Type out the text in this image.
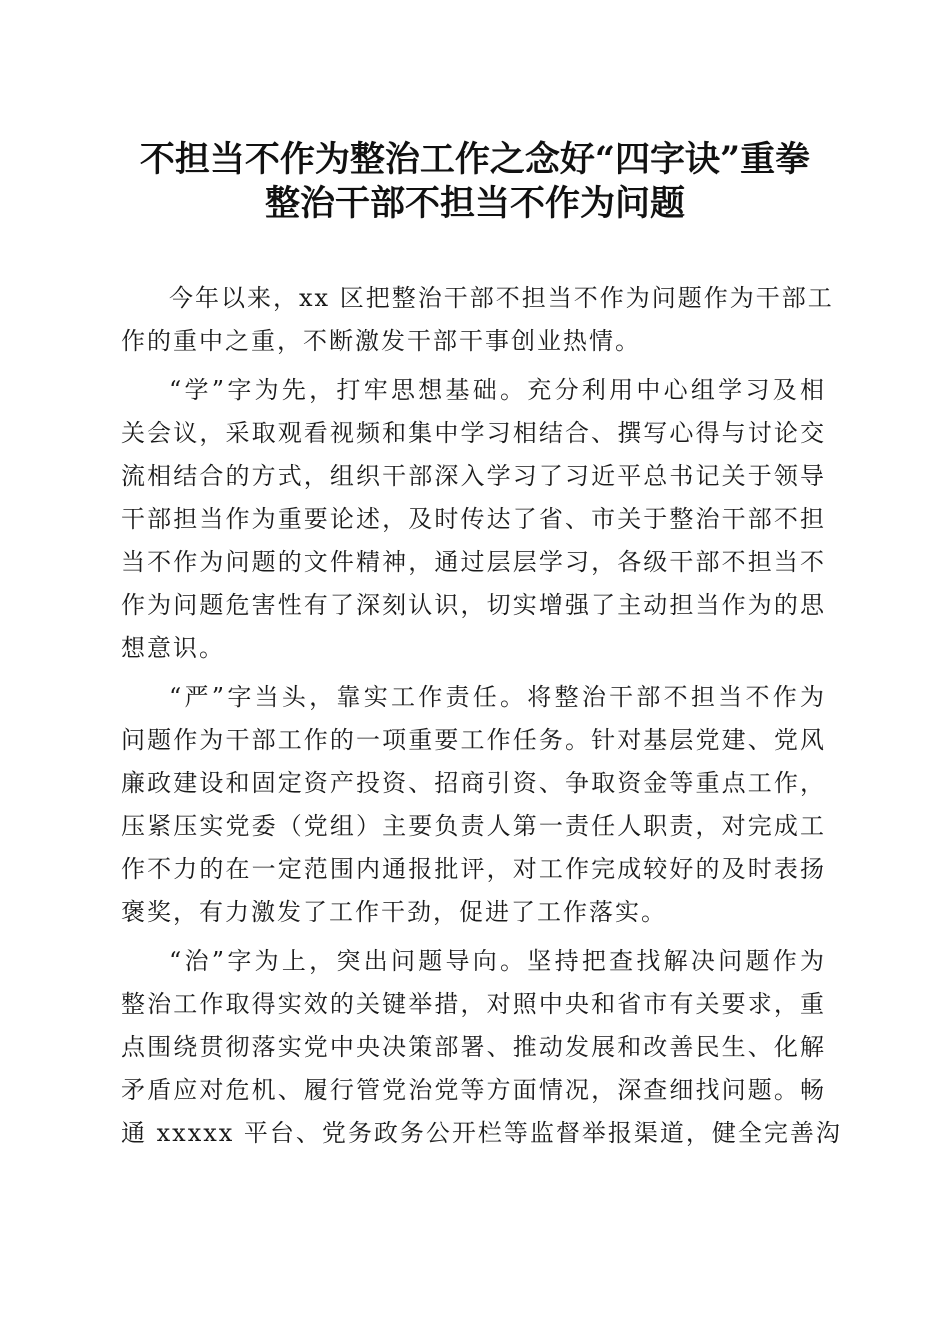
不担当不作为整治工作之念好“四字诀”重拳
整治干部不担当不作为问题
今年以来，xx 区把整治干部不担当不作为问题作为干部工
作的重中之重，不断激发干部干事创业热情。
“学”字为先，打牢思想基础。充分利用中心组学习及相
关会议，采取观看视频和集中学习相结合、撰写心得与讨论交
流相结合的方式，组织干部深入学习了习近平总书记关于领导
干部担当作为重要论述，及时传达了省、市关于整治干部不担
当不作为问题的文件精神，通过层层学习，各级干部不担当不
作为问题危害性有了深刻认识，切实增强了主动担当作为的思
想意识。
“严”字当头，靠实工作责任。将整治干部不担当不作为
问题作为干部工作的一项重要工作任务。针对基层党建、党风
廉政建设和固定资产投资、招商引资、争取资金等重点工作，
压紧压实党委（党组）主要负责人第一责任人职责，对完成工
作不力的在一定范围内通报批评，对工作完成较好的及时表扬
褒奖，有力激发了工作干劲，促进了工作落实。
“治”字为上，突出问题导向。坚持把查找解决问题作为
整治工作取得实效的关键举措，对照中央和省市有关要求，重
点围绕贯彻落实党中央决策部署、推动发展和改善民生、化解
矛盾应对危机、履行管党治党等方面情况，深查细找问题。畅
通 xxxxx 平台、党务政务公开栏等监督举报渠道，健全完善沟
